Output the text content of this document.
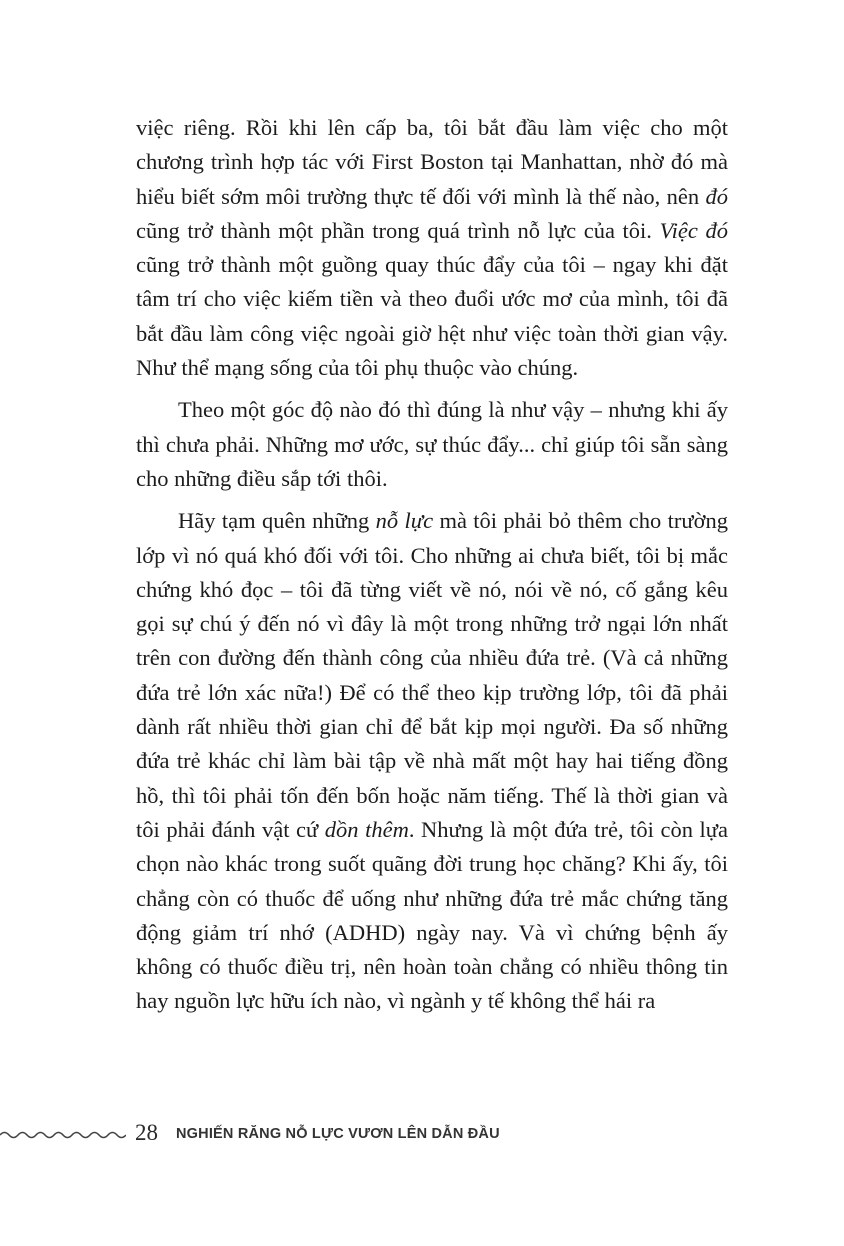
việc riêng. Rồi khi lên cấp ba, tôi bắt đầu làm việc cho một chương trình hợp tác với First Boston tại Manhattan, nhờ đó mà hiểu biết sớm môi trường thực tế đối với mình là thế nào, nên đó cũng trở thành một phần trong quá trình nỗ lực của tôi. Việc đó cũng trở thành một guồng quay thúc đẩy của tôi – ngay khi đặt tâm trí cho việc kiếm tiền và theo đuổi ước mơ của mình, tôi đã bắt đầu làm công việc ngoài giờ hệt như việc toàn thời gian vậy. Như thể mạng sống của tôi phụ thuộc vào chúng.

Theo một góc độ nào đó thì đúng là như vậy – nhưng khi ấy thì chưa phải. Những mơ ước, sự thúc đẩy... chỉ giúp tôi sẵn sàng cho những điều sắp tới thôi.

Hãy tạm quên những nỗ lực mà tôi phải bỏ thêm cho trường lớp vì nó quá khó đối với tôi. Cho những ai chưa biết, tôi bị mắc chứng khó đọc – tôi đã từng viết về nó, nói về nó, cố gắng kêu gọi sự chú ý đến nó vì đây là một trong những trở ngại lớn nhất trên con đường đến thành công của nhiều đứa trẻ. (Và cả những đứa trẻ lớn xác nữa!) Để có thể theo kịp trường lớp, tôi đã phải dành rất nhiều thời gian chỉ để bắt kịp mọi người. Đa số những đứa trẻ khác chỉ làm bài tập về nhà mất một hay hai tiếng đồng hồ, thì tôi phải tốn đến bốn hoặc năm tiếng. Thế là thời gian và tôi phải đánh vật cứ dồn thêm. Nhưng là một đứa trẻ, tôi còn lựa chọn nào khác trong suốt quãng đời trung học chăng? Khi ấy, tôi chẳng còn có thuốc để uống như những đứa trẻ mắc chứng tăng động giảm trí nhớ (ADHD) ngày nay. Và vì chứng bệnh ấy không có thuốc điều trị, nên hoàn toàn chẳng có nhiều thông tin hay nguồn lực hữu ích nào, vì ngành y tế không thể hái ra

28 NGHIẾN RĂNG NỖ LỰC VƯƠN LÊN DẪN ĐẦU
